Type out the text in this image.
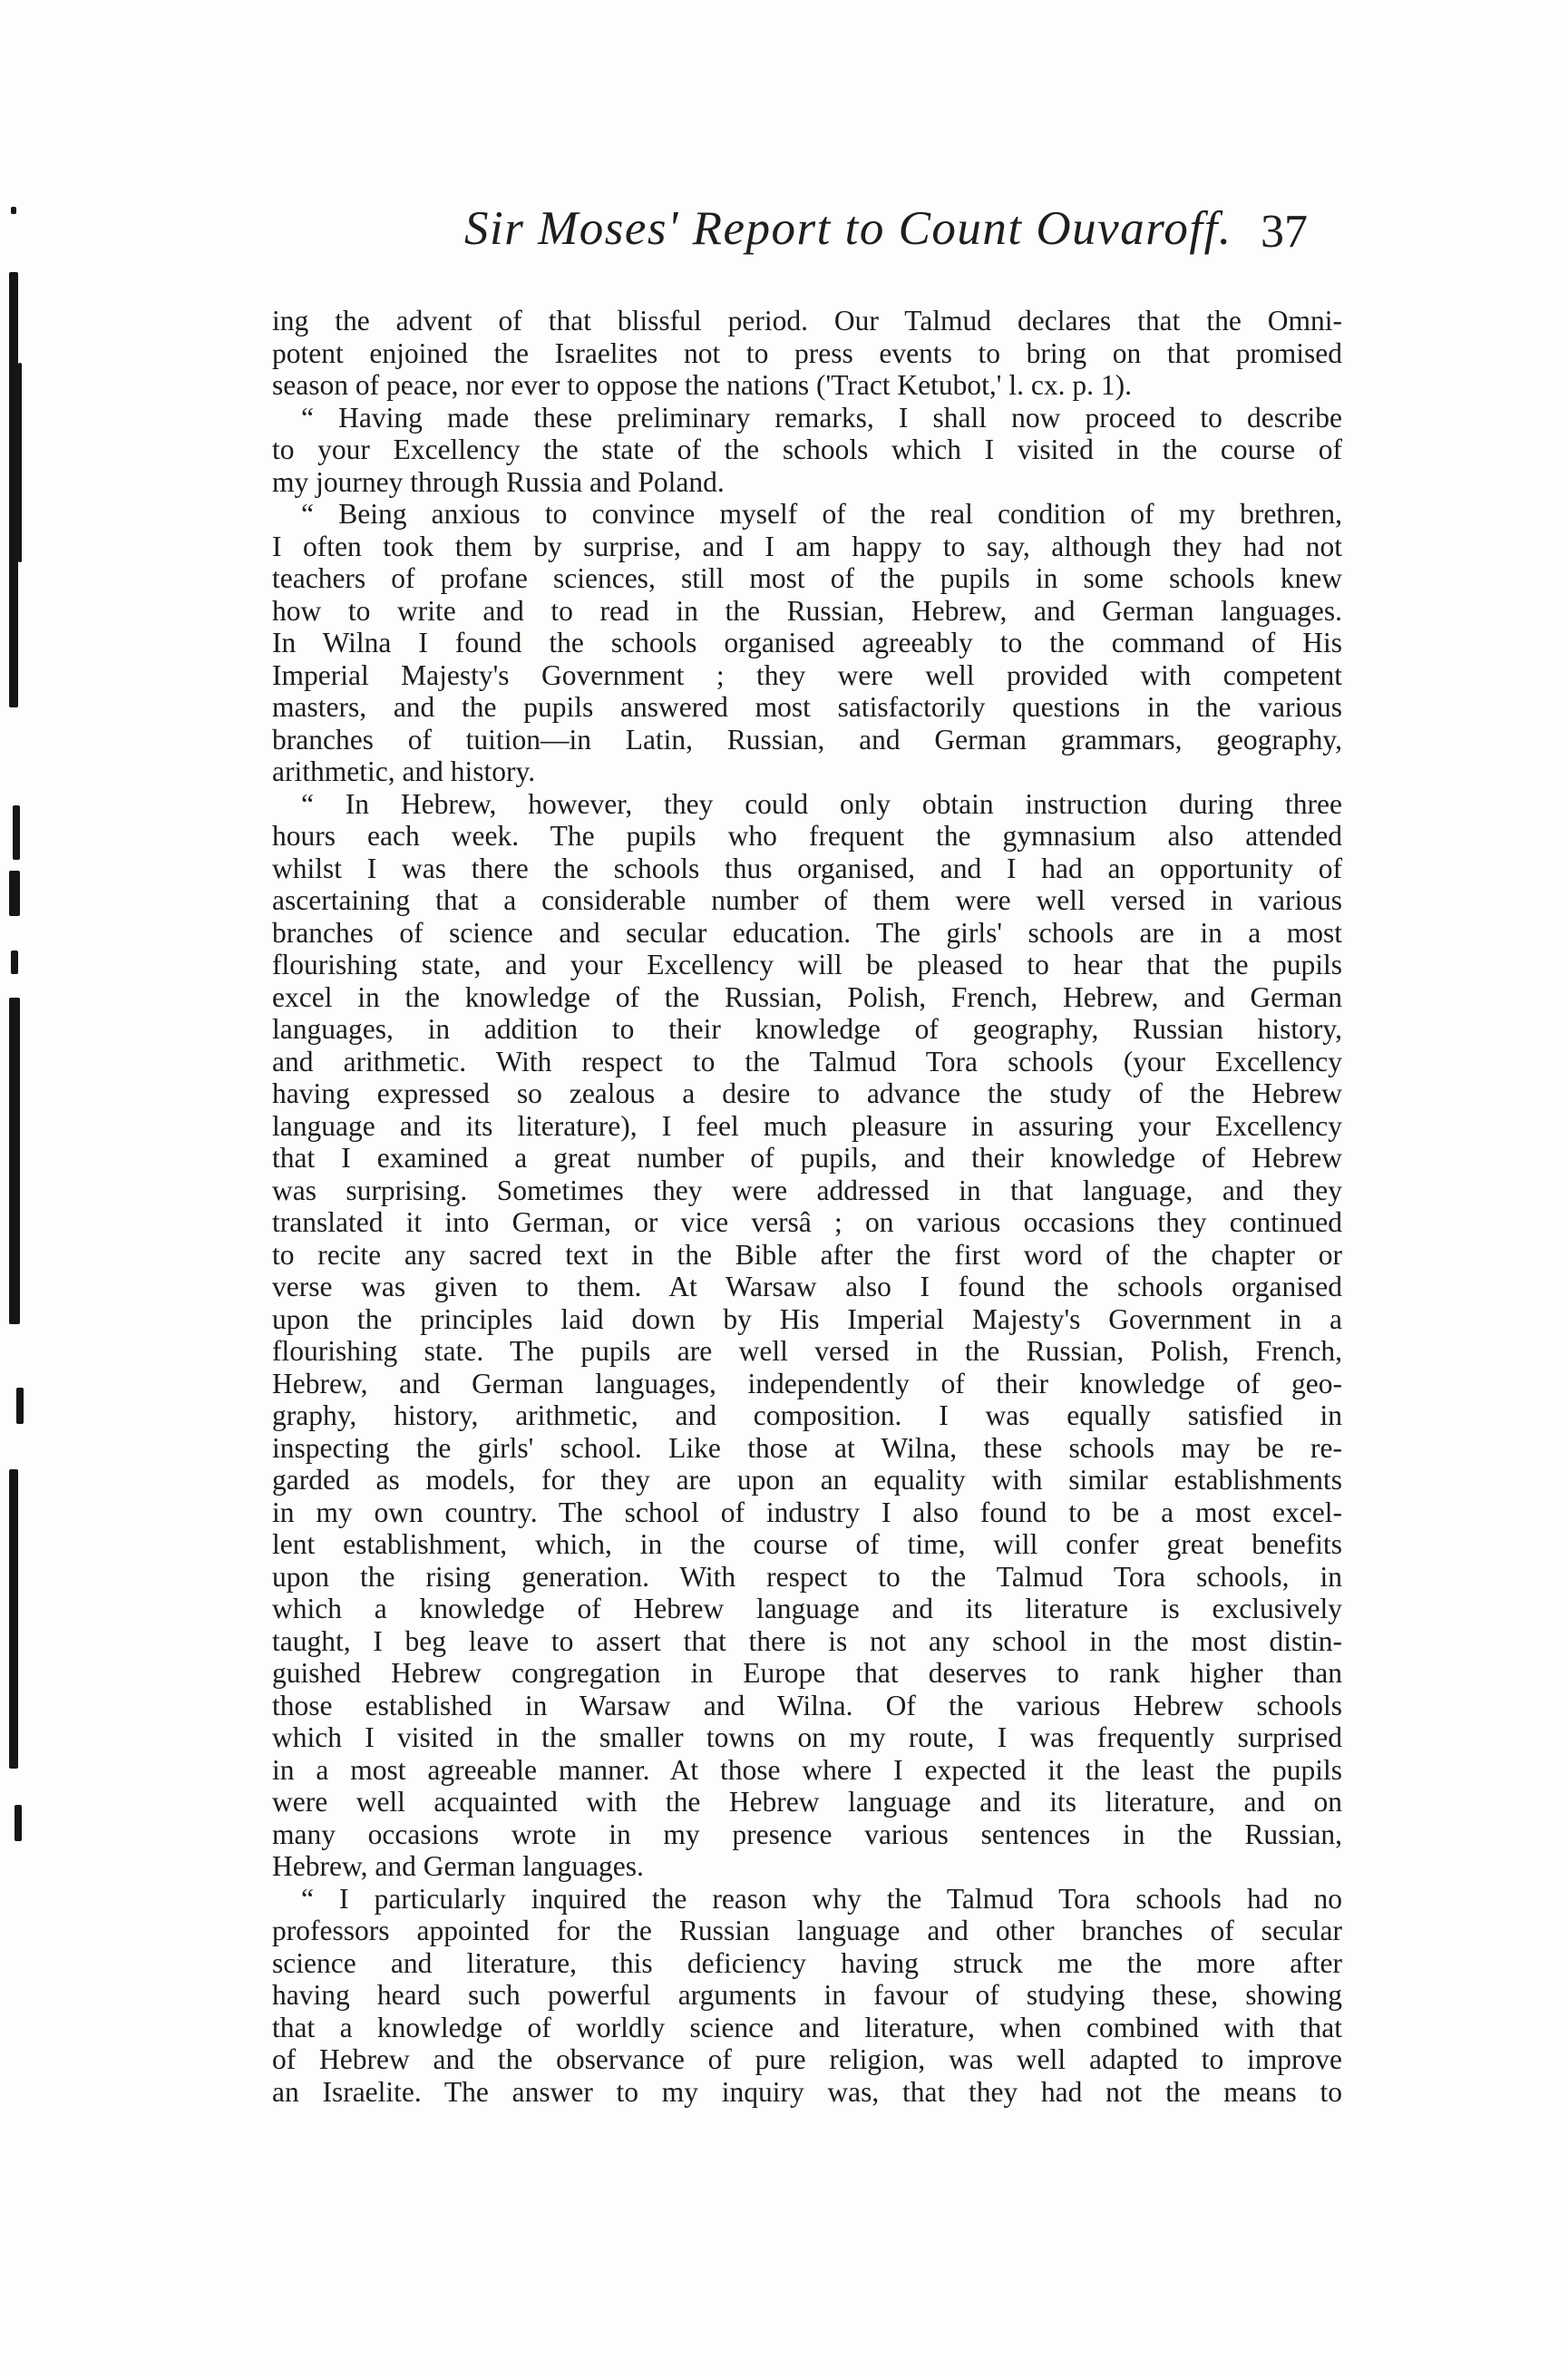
Sir Moses' Report to Count Ouvaroff. 37
ing the advent of that blissful period. Our Talmud declares that the Omni-
potent enjoined the Israelites not to press events to bring on that promised
season of peace, nor ever to oppose the nations ('Tract Ketubot,' l. cx. p. 1).
“ Having made these preliminary remarks, I shall now proceed to describe
to your Excellency the state of the schools which I visited in the course of
my journey through Russia and Poland.
“ Being anxious to convince myself of the real condition of my brethren,
I often took them by surprise, and I am happy to say, although they had not
teachers of profane sciences, still most of the pupils in some schools knew
how to write and to read in the Russian, Hebrew, and German languages.
In Wilna I found the schools organised agreeably to the command of His
Imperial Majesty's Government ; they were well provided with competent
masters, and the pupils answered most satisfactorily questions in the various
branches of tuition—in Latin, Russian, and German grammars, geography,
arithmetic, and history.
“ In Hebrew, however, they could only obtain instruction during three
hours each week. The pupils who frequent the gymnasium also attended
whilst I was there the schools thus organised, and I had an opportunity of
ascertaining that a considerable number of them were well versed in various
branches of science and secular education. The girls' schools are in a most
flourishing state, and your Excellency will be pleased to hear that the pupils
excel in the knowledge of the Russian, Polish, French, Hebrew, and German
languages, in addition to their knowledge of geography, Russian history,
and arithmetic. With respect to the Talmud Tora schools (your Excellency
having expressed so zealous a desire to advance the study of the Hebrew
language and its literature), I feel much pleasure in assuring your Excellency
that I examined a great number of pupils, and their knowledge of Hebrew
was surprising. Sometimes they were addressed in that language, and they
translated it into German, or vice versâ ; on various occasions they continued
to recite any sacred text in the Bible after the first word of the chapter or
verse was given to them. At Warsaw also I found the schools organised
upon the principles laid down by His Imperial Majesty's Government in a
flourishing state. The pupils are well versed in the Russian, Polish, French,
Hebrew, and German languages, independently of their knowledge of geo-
graphy, history, arithmetic, and composition. I was equally satisfied in
inspecting the girls' school. Like those at Wilna, these schools may be re-
garded as models, for they are upon an equality with similar establishments
in my own country. The school of industry I also found to be a most excel-
lent establishment, which, in the course of time, will confer great benefits
upon the rising generation. With respect to the Talmud Tora schools, in
which a knowledge of Hebrew language and its literature is exclusively
taught, I beg leave to assert that there is not any school in the most distin-
guished Hebrew congregation in Europe that deserves to rank higher than
those established in Warsaw and Wilna. Of the various Hebrew schools
which I visited in the smaller towns on my route, I was frequently surprised
in a most agreeable manner. At those where I expected it the least the pupils
were well acquainted with the Hebrew language and its literature, and on
many occasions wrote in my presence various sentences in the Russian,
Hebrew, and German languages.
“ I particularly inquired the reason why the Talmud Tora schools had no
professors appointed for the Russian language and other branches of secular
science and literature, this deficiency having struck me the more after
having heard such powerful arguments in favour of studying these, showing
that a knowledge of worldly science and literature, when combined with that
of Hebrew and the observance of pure religion, was well adapted to improve
an Israelite. The answer to my inquiry was, that they had not the means to
